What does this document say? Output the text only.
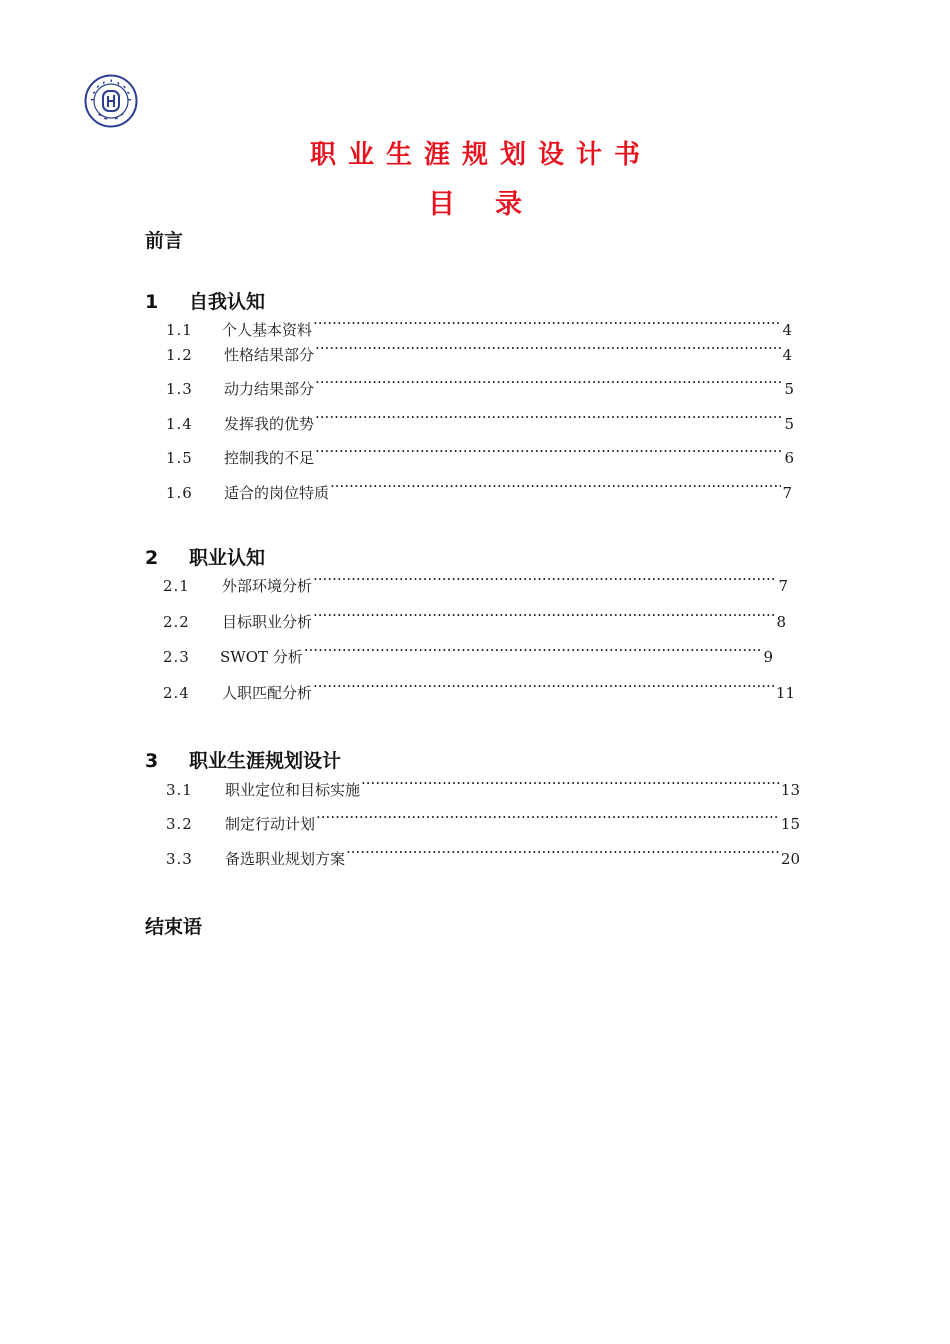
职业生涯规划设计书
目录
前言
1 自我认知
1.1	个人基本资料 ·····	4
1.2	性格结果部分 ·····	4
1.3	动力结果部分 ·····	5
1.4	发挥我的优势 ·····	5
1.5	控制我的不足 ·····	6
1.6	适合的岗位特质 ·····	7
2 职业认知
2.1	外部环境分析 ·····	7
2.2	目标职业分析 ·····	8
2.3	SWOT 分析 ·····	9
2.4	人职匹配分析 ·····	11
3 职业生涯规划设计
3.1	职业定位和目标实施 ·····	13
3.2	制定行动计划 ·····	15
3.3	备选职业规划方案 ·····	20
结束语
